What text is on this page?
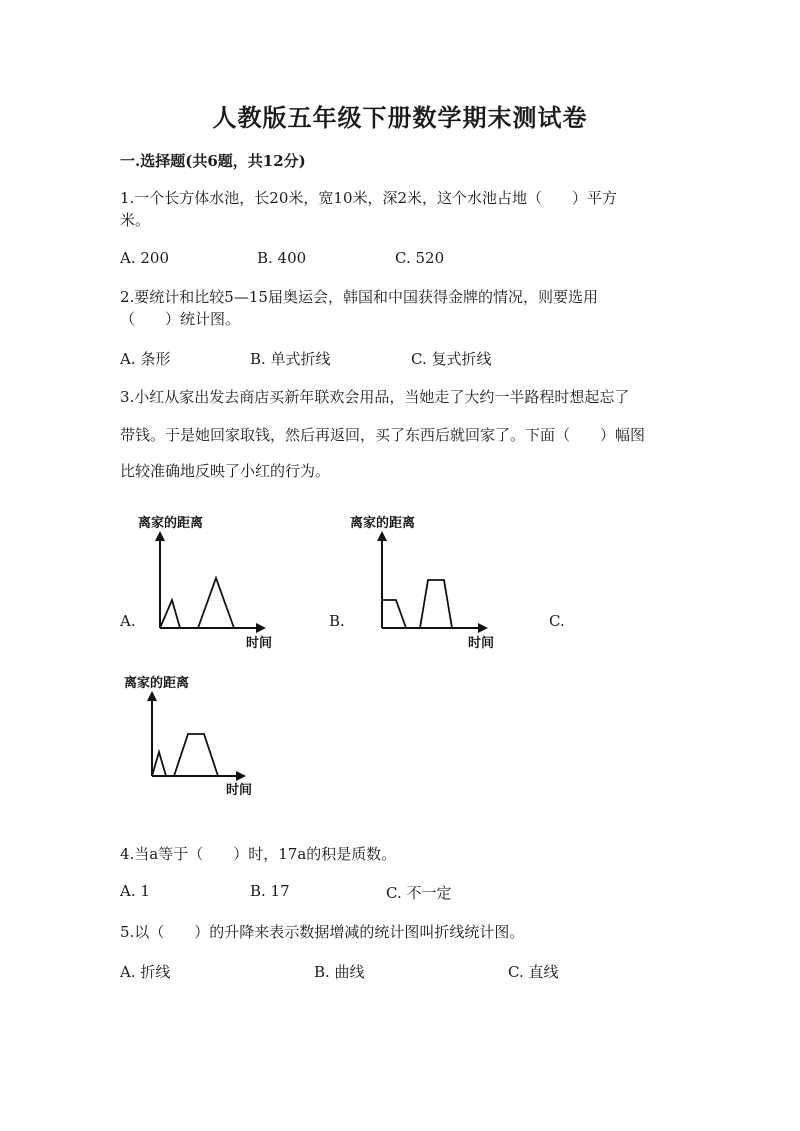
人教版五年级下册数学期末测试卷
一.选择题(共6题，共12分)
1.一个长方体水池，长20米，宽10米，深2米，这个水池占地（　　）平方
米。
A. 200	B. 400	C. 520
2.要统计和比较5—15届奥运会，韩国和中国获得金牌的情况，则要选用
（　　）统计图。
A. 条形	B. 单式折线	C. 复式折线
3.小红从家出发去商店买新年联欢会用品，当她走了大约一半路程时想起忘了
带钱。于是她回家取钱，然后再返回，买了东西后就回家了。下面（　　）幅图
比较准确地反映了小红的行为。
A.	B.	C.
离家的距离
时间
离家的距离
时间
离家的距离
时间
4.当a等于（　　）时，17a的积是质数。
A. 1	B. 17	C. 不一定
5.以（　　）的升降来表示数据增减的统计图叫折线统计图。
A. 折线	B. 曲线	C. 直线
